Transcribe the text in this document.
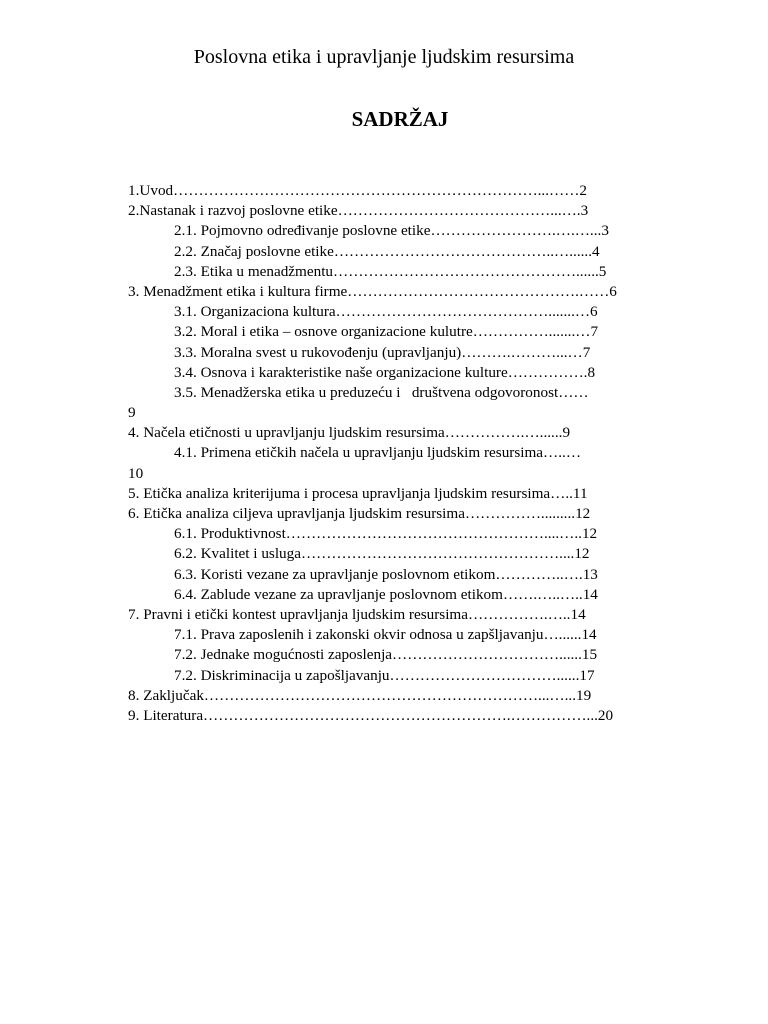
Poslovna etika i upravljanje ljudskim resursima
SADRŽAJ
1.Uvod………………………………………………………………...……2
2.Nastanak i razvoj poslovne etike……………………………………...….3
2.1. Pojmovno određivanje poslovne etike…………………….….…...3
2.2. Značaj poslovne etike……………………………………..…......4
2.3. Etika u menadžmentu…………………………………………......5
3. Menadžment etika i kultura firme……………………………………….……6
3.1. Organizaciona kultura…………………………………….......…6
3.2. Moral i etika – osnove organizacione kulutre…………….......…7
3.3. Moralna svest u rukovođenju (upravljanju)……….………...…7
3.4. Osnova i karakteristike naše organizacione kulture…………….8
3.5. Menadžerska etika u preduzeću i   društvena odgovoronost……
9
4. Načela etičnosti u upravljanju ljudskim resursima…………….…......9
4.1. Primena etičkih načela u upravljanju ljudskim resursima…..…
10
5. Etička analiza kriterijuma i procesa upravljanja ljudskim resursima…..11
6. Etička analiza ciljeva upravljanja ljudskim resursima…………….........12
6.1. Produktivnost……………………………………………....…..12
6.2. Kvalitet i usluga……………………………………………....12
6.3. Koristi vezane za upravljanje poslovnom etikom…………..….13
6.4. Zablude vezane za upravljanje poslovnom etikom…….…..…..14
7. Pravni i etički kontest upravljanja ljudskim resursima…………….…..14
7.1. Prava zaposlenih i zakonski okvir odnosa u zapšljavanju…......14
7.2. Jednake mogućnosti zaposlenja……………………………......15
7.2. Diskriminacija u zapošljavanju……………………………......17
8. Zaključak…………………………………………………………...…...19
9. Literatura…………………………………………………….……………...20
